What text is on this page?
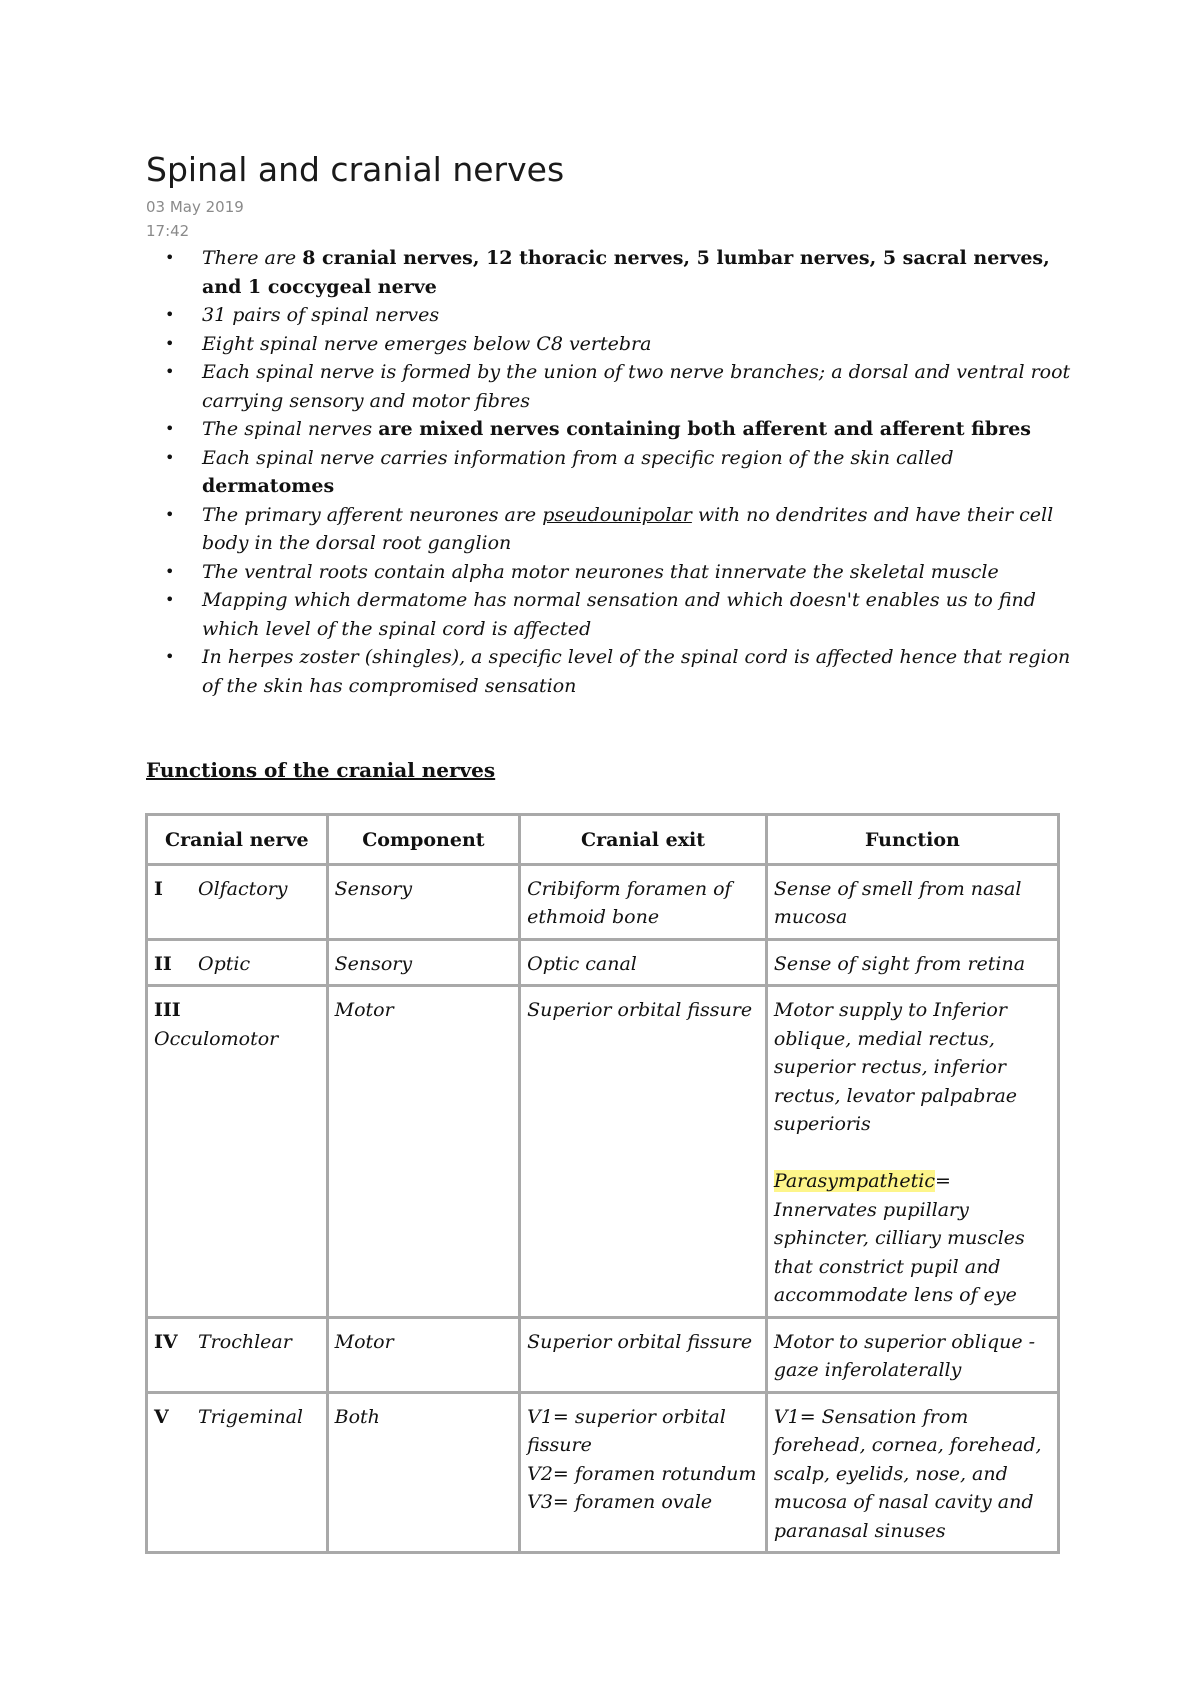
Spinal and cranial nerves
03 May 2019
17:42
• There are 8 cranial nerves, 12 thoracic nerves, 5 lumbar nerves, 5 sacral nerves, and 1 coccygeal nerve
• 31 pairs of spinal nerves
• Eight spinal nerve emerges below C8 vertebra
• Each spinal nerve is formed by the union of two nerve branches; a dorsal and ventral root carrying sensory and motor fibres
• The spinal nerves are mixed nerves containing both afferent and afferent fibres
• Each spinal nerve carries information from a specific region of the skin called dermatomes
• The primary afferent neurones are pseudounipolar with no dendrites and have their cell body in the dorsal root ganglion
• The ventral roots contain alpha motor neurones that innervate the skeletal muscle
• Mapping which dermatome has normal sensation and which doesn't enables us to find which level of the spinal cord is affected
• In herpes zoster (shingles), a specific level of the spinal cord is affected hence that region of the skin has compromised sensation
Functions of the cranial nerves
Cranial nerve	Component	Cranial exit	Function
I Olfactory	Sensory	Cribiform foramen of ethmoid bone	Sense of smell from nasal mucosa
II Optic	Sensory	Optic canal	Sense of sight from retina
IIIOcculomotor	Motor	Superior orbital fissure	Motor supply to Inferior oblique, medial rectus, superior rectus, inferior rectus, levator palpabrae superioris
Parasympathetic= Innervates pupillary sphincter, cilliary muscles that constrict pupil and accommodate lens of eye
IV Trochlear	Motor	Superior orbital fissure	Motor to superior oblique - gaze inferolaterally
V Trigeminal	Both	V1= superior orbital fissure
V2= foramen rotundum
V3= foramen ovale	V1= Sensation from forehead, cornea, forehead, scalp, eyelids, nose, and mucosa of nasal cavity and paranasal sinuses
